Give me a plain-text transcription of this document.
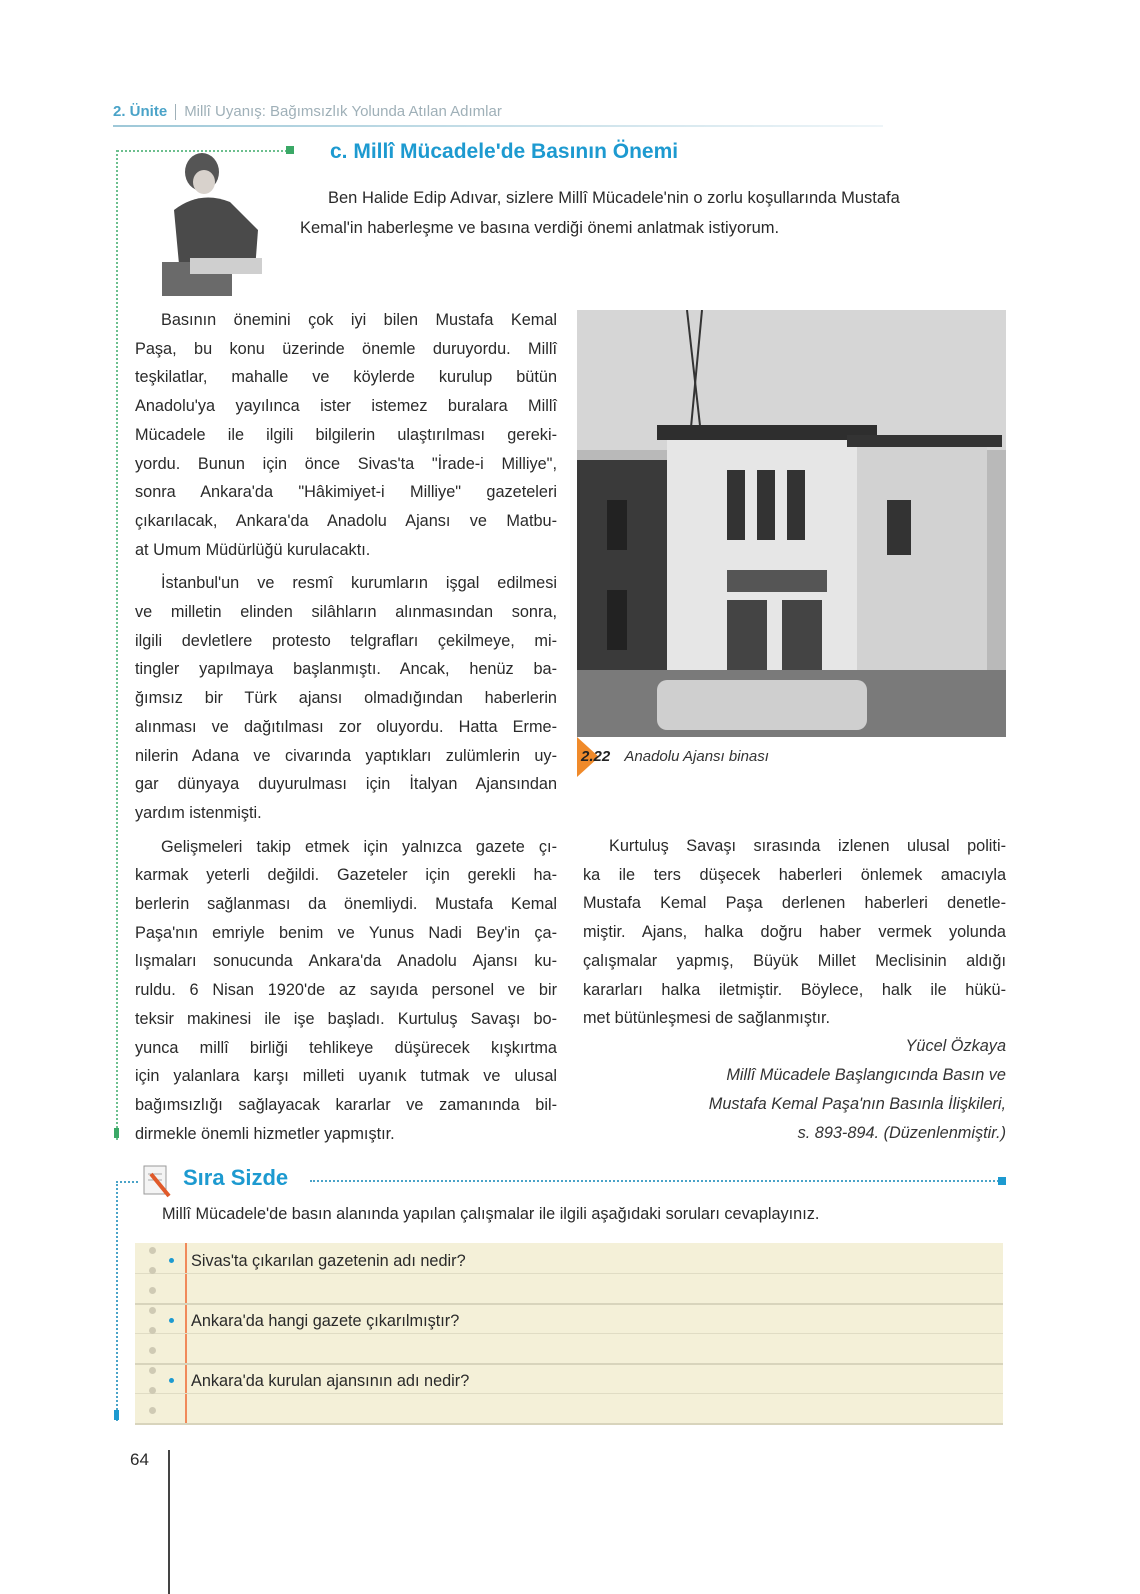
2. Ünite Millî Uyanış: Bağımsızlık Yolunda Atılan Adımlar
c. Millî Mücadele'de Basının Önemi
Ben Halide Edip Adıvar, sizlere Millî Mücadele'nin o zorlu koşullarında Mustafa
Kemal'in haberleşme ve basına verdiği önemi anlatmak istiyorum.
Basının önemini çok iyi bilen Mustafa Kemal
Paşa, bu konu üzerinde önemle duruyordu. Millî
teşkilatlar, mahalle ve köylerde kurulup bütün
Anadolu'ya yayılınca ister istemez buralara Millî
Mücadele ile ilgili bilgilerin ulaştırılması gereki-
yordu. Bunun için önce Sivas'ta "İrade-i Milliye",
sonra Ankara'da "Hâkimiyet-i Milliye" gazeteleri
çıkarılacak, Ankara'da Anadolu Ajansı ve Matbu-
at Umum Müdürlüğü kurulacaktı.
İstanbul'un ve resmî kurumların işgal edilmesi
ve milletin elinden silâhların alınmasından sonra,
ilgili devletlere protesto telgrafları çekilmeye, mi-
tingler yapılmaya başlanmıştı. Ancak, henüz ba-
ğımsız bir Türk ajansı olmadığından haberlerin
alınması ve dağıtılması zor oluyordu. Hatta Erme-
nilerin Adana ve civarında yaptıkları zulümlerin uy-
gar dünyaya duyurulması için İtalyan Ajansından
yardım istenmişti.
Gelişmeleri takip etmek için yalnızca gazete çı-
karmak yeterli değildi. Gazeteler için gerekli ha-
berlerin sağlanması da önemliydi. Mustafa Kemal
Paşa'nın emriyle benim ve Yunus Nadi Bey'in ça-
lışmaları sonucunda Ankara'da Anadolu Ajansı ku-
ruldu. 6 Nisan 1920'de az sayıda personel ve bir
teksir makinesi ile işe başladı. Kurtuluş Savaşı bo-
yunca millî birliği tehlikeye düşürecek kışkırtma
için yalanlara karşı milleti uyanık tutmak ve ulusal
bağımsızlığı sağlayacak kararlar ve zamanında bil-
dirmekle önemli hizmetler yapmıştır.
2.22 Anadolu Ajansı binası
Kurtuluş Savaşı sırasında izlenen ulusal politi-
ka ile ters düşecek haberleri önlemek amacıyla
Mustafa Kemal Paşa derlenen haberleri denetle-
miştir. Ajans, halka doğru haber vermek yolunda
çalışmalar yapmış, Büyük Millet Meclisinin aldığı
kararları halka iletmiştir. Böylece, halk ile hükü-
met bütünleşmesi de sağlanmıştır.
Yücel Özkaya
Millî Mücadele Başlangıcında Basın ve
Mustafa Kemal Paşa'nın Basınla İlişkileri,
s. 893-894. (Düzenlenmiştir.)
Sıra Sizde
Millî Mücadele'de basın alanında yapılan çalışmalar ile ilgili aşağıdaki soruları cevaplayınız.
Sivas'ta çıkarılan gazetenin adı nedir?
Ankara'da hangi gazete çıkarılmıştır?
Ankara'da kurulan ajansının adı nedir?
64
